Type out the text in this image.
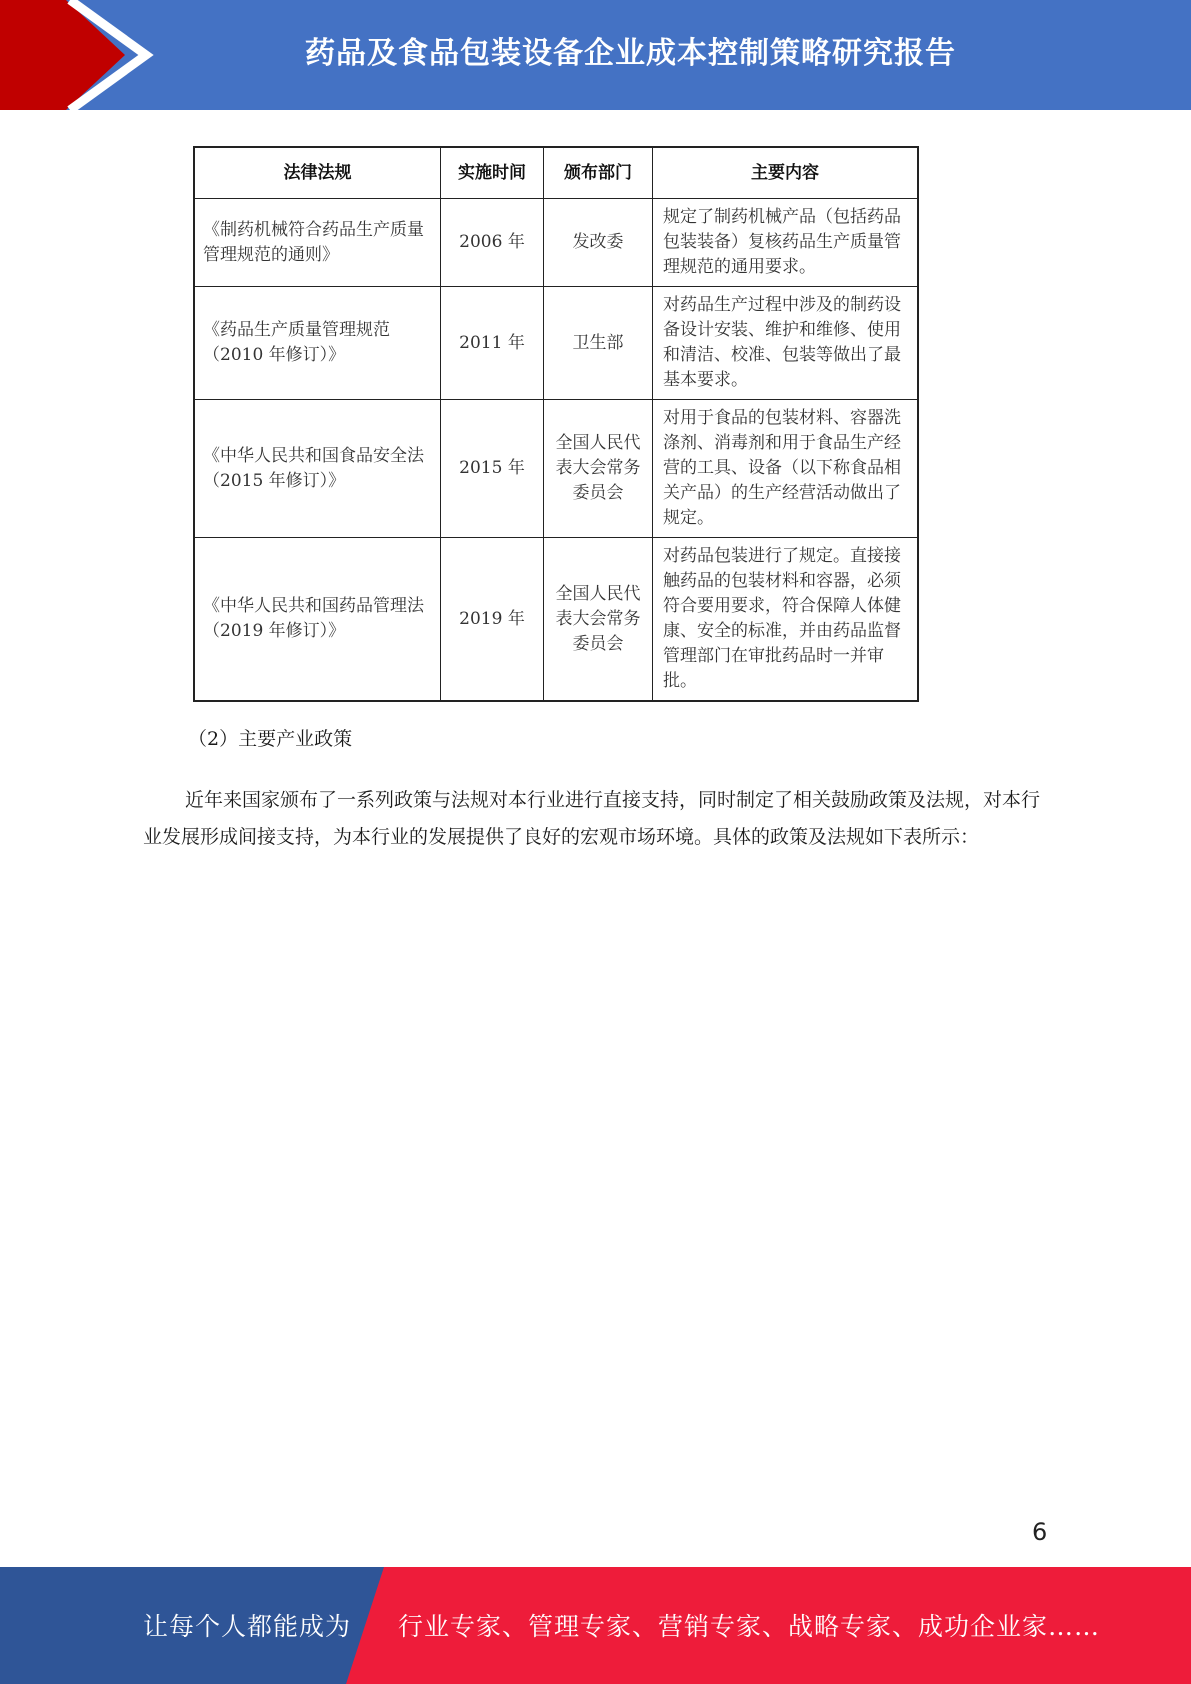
药品及食品包装设备企业成本控制策略研究报告
法律法规	实施时间	颁布部门	主要内容
《制药机械符合药品生产质量管理规范的通则》	2006 年	发改委	规定了制药机械产品（包括药品包装装备）复核药品生产质量管理规范的通用要求。
《药品生产质量管理规范（2010 年修订）》	2011 年	卫生部	对药品生产过程中涉及的制药设备设计安装、维护和维修、使用和清洁、校准、包装等做出了最基本要求。
《中华人民共和国食品安全法（2015 年修订）》	2015 年	全国人民代表大会常务委员会	对用于食品的包装材料、容器洗涤剂、消毒剂和用于食品生产经营的工具、设备（以下称食品相关产品）的生产经营活动做出了规定。
《中华人民共和国药品管理法（2019 年修订）》	2019 年	全国人民代表大会常务委员会	对药品包装进行了规定。直接接触药品的包装材料和容器，必须符合要用要求，符合保障人体健康、安全的标准，并由药品监督管理部门在审批药品时一并审批。
（2）主要产业政策

近年来国家颁布了一系列政策与法规对本行业进行直接支持，同时制定了相关鼓励政策及法规，对本行业发展形成间接支持，为本行业的发展提供了良好的宏观市场环境。具体的政策及法规如下表所示：

6
让每个人都能成为 行业专家、管理专家、营销专家、战略专家、成功企业家……
